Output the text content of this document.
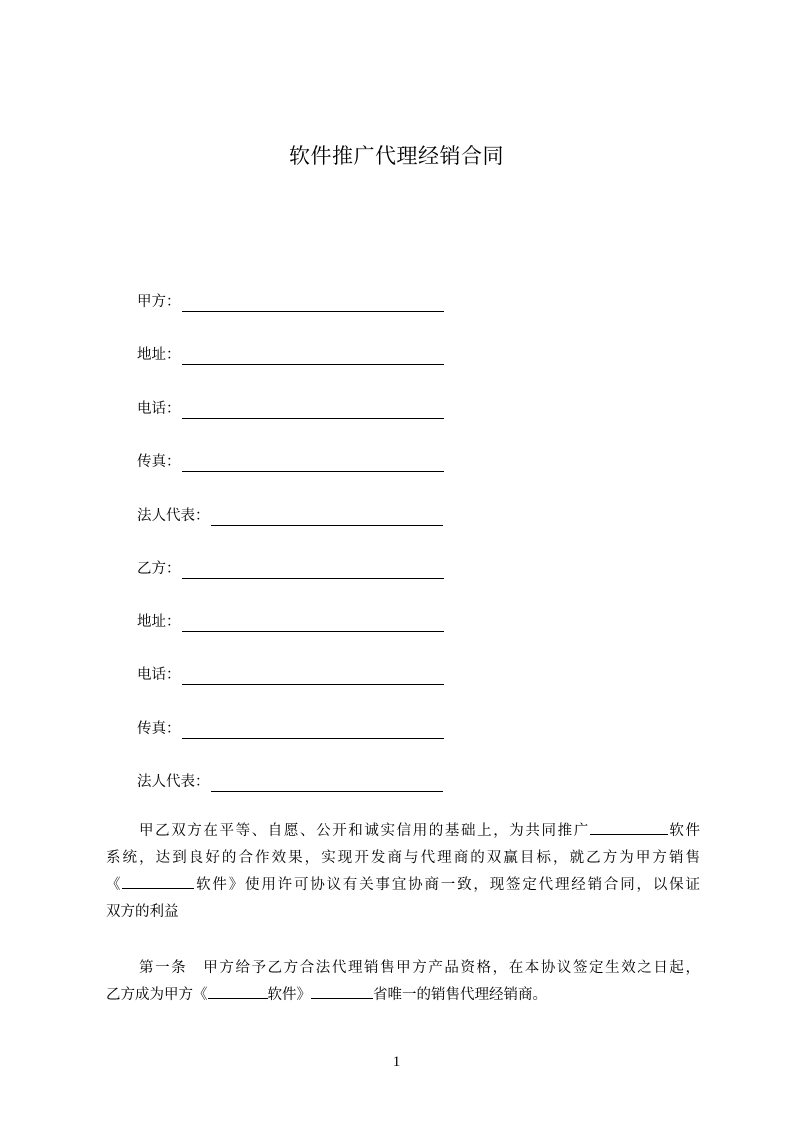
软件推广代理经销合同
甲方：
地址：
电话：
传真：
法人代表：
乙方：
地址：
电话：
传真：
法人代表：
甲乙双方在平等、自愿、公开和诚实信用的基础上，为共同推广	软件
系统，达到良好的合作效果，实现开发商与代理商的双赢目标，就乙方为甲方销售
《	软件》使用许可协议有关事宜协商一致，现签定代理经销合同，以保证
双方的利益
第一条　甲方给予乙方合法代理销售甲方产品资格，在本协议签定生效之日起，
乙方成为甲方《	软件》	省唯一的销售代理经销商。
1
